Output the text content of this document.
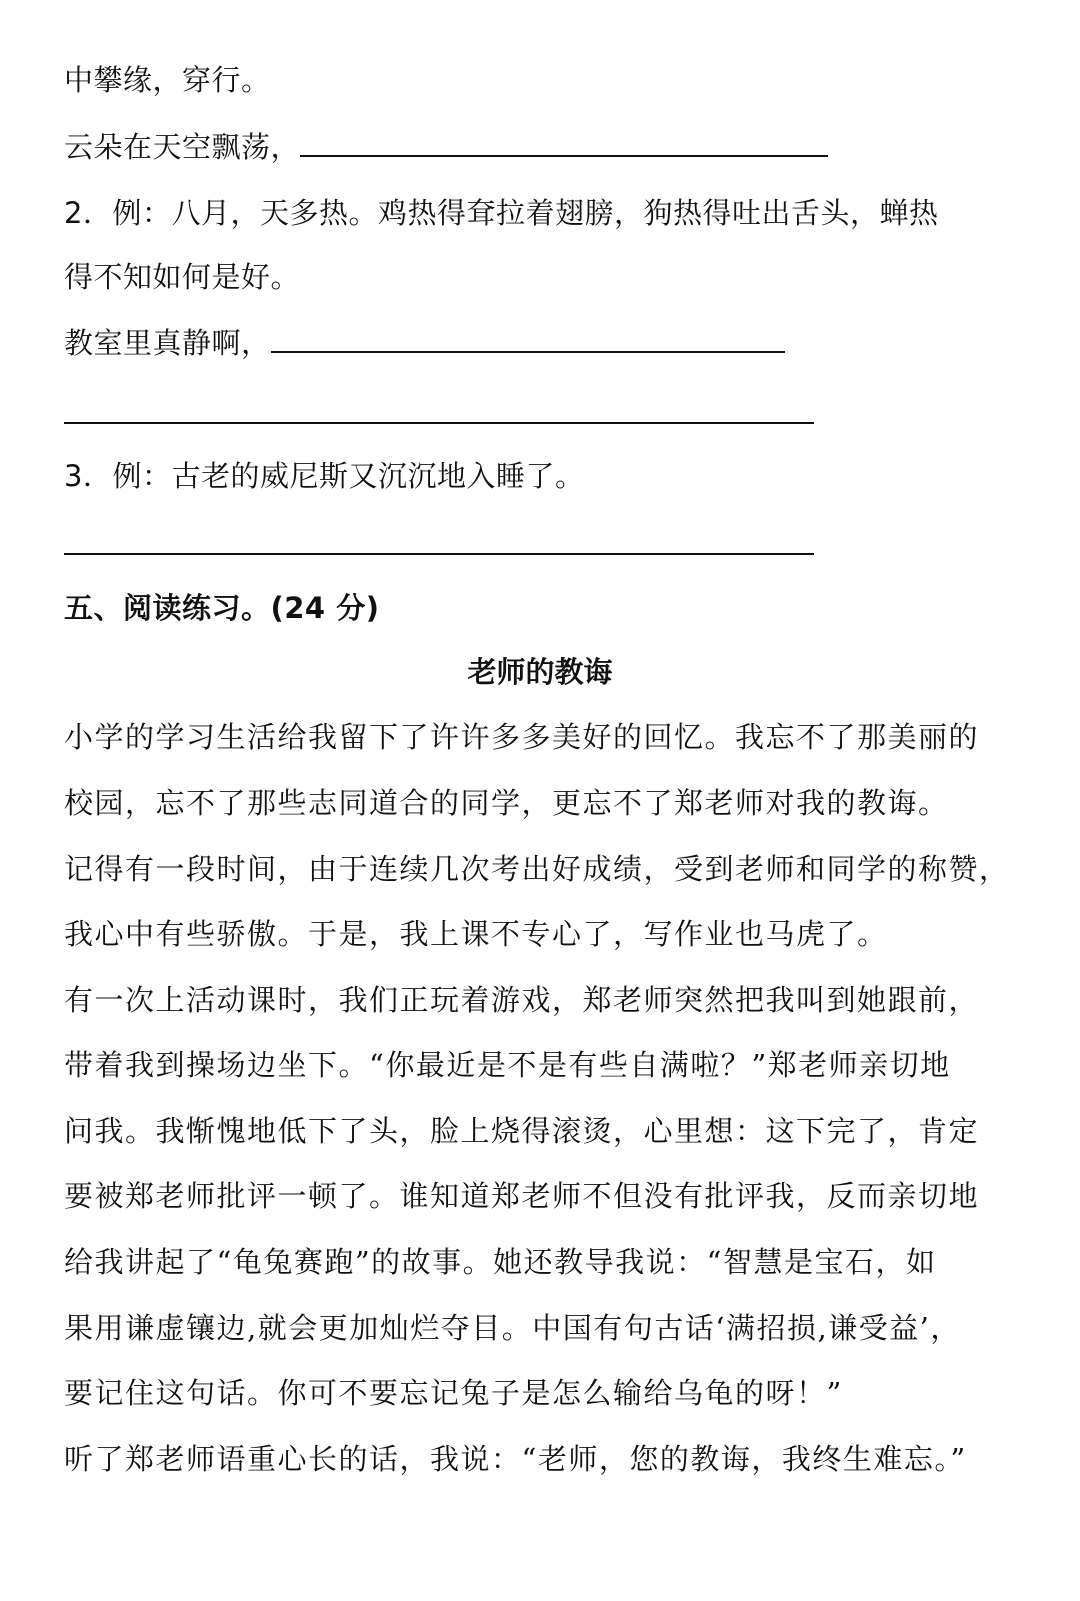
中攀缘，穿行。
云朵在天空飘荡，
2．例：八月，天多热。鸡热得耷拉着翅膀，狗热得吐出舌头，蝉热
得不知如何是好。
教室里真静啊，
3．例：古老的威尼斯又沉沉地入睡了。
五、阅读练习。(24 分)
老师的教诲
小学的学习生活给我留下了许许多多美好的回忆。我忘不了那美丽的
校园，忘不了那些志同道合的同学，更忘不了郑老师对我的教诲。
记得有一段时间，由于连续几次考出好成绩，受到老师和同学的称赞，
我心中有些骄傲。于是，我上课不专心了，写作业也马虎了。
有一次上活动课时，我们正玩着游戏，郑老师突然把我叫到她跟前，
带着我到操场边坐下。“你最近是不是有些自满啦？”郑老师亲切地
问我。我惭愧地低下了头，脸上烧得滚烫，心里想：这下完了，肯定
要被郑老师批评一顿了。谁知道郑老师不但没有批评我，反而亲切地
给我讲起了“龟兔赛跑”的故事。她还教导我说：“智慧是宝石，如
果用谦虚镶边,就会更加灿烂夺目。中国有句古话‘满招损,谦受益’，
要记住这句话。你可不要忘记兔子是怎么输给乌龟的呀！”
听了郑老师语重心长的话，我说：“老师，您的教诲，我终生难忘。”
